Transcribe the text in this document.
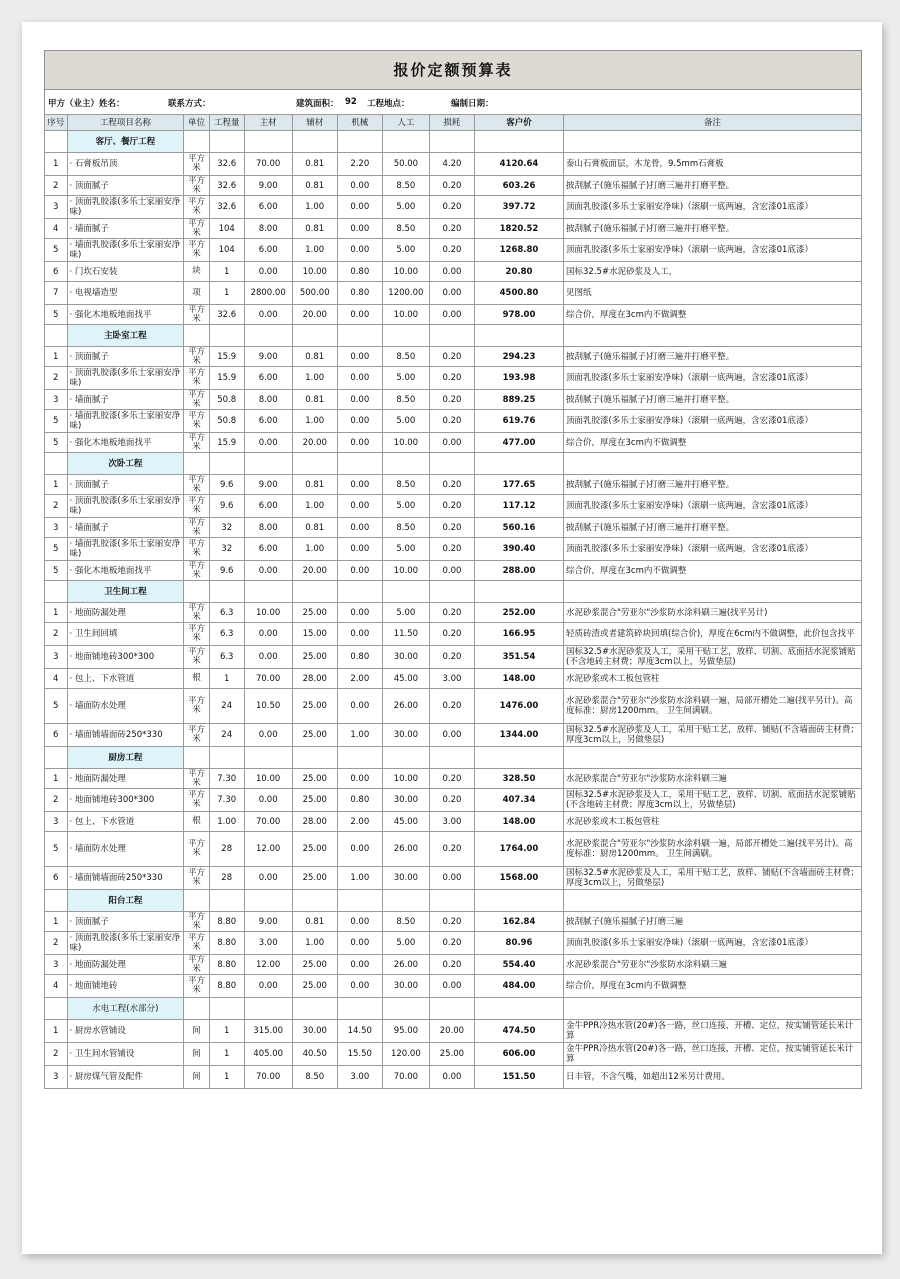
报价定额预算表
甲方（业主）姓名：	联系方式：	建筑面积： 92 工程地点：	编制日期：
序号	工程项目名称	单位	工程量	主材	辅材	机械	人工	损耗	客户价	备注
	客厅、餐厅工程									
1	· 石膏板吊顶	平方米	32.6	70.00	0.81	2.20	50.00	4.20	4120.64	泰山石膏板面层，木龙骨，9.5mm石膏板
2	· 顶面腻子	平方米	32.6	9.00	0.81	0.00	8.50	0.20	603.26	披刮腻子(施乐福腻子)打磨三遍并打磨平整。
3	· 顶面乳胶漆(多乐士家丽安净味)	平方米	32.6	6.00	1.00	0.00	5.00	0.20	397.72	顶面乳胶漆(多乐士家丽安净味)（滚刷一底两遍，含宏漆01底漆）
4	· 墙面腻子	平方米	104	8.00	0.81	0.00	8.50	0.20	1820.52	披刮腻子(施乐福腻子)打磨三遍并打磨平整。
5	· 墙面乳胶漆(多乐士家丽安净味)	平方米	104	6.00	1.00	0.00	5.00	0.20	1268.80	顶面乳胶漆(多乐士家丽安净味)（滚刷一底两遍，含宏漆01底漆）
6	· 门坎石安装	块	1	0.00	10.00	0.80	10.00	0.00	20.80	国标32.5#水泥砂浆及人工，
7	· 电视墙造型	项	1	2800.00	500.00	0.80	1200.00	0.00	4500.80	见图纸
5	· 强化木地板地面找平	平方米	32.6	0.00	20.00	0.00	10.00	0.00	978.00	综合价，厚度在3cm内不做调整
	主卧室工程									
1	· 顶面腻子	平方米	15.9	9.00	0.81	0.00	8.50	0.20	294.23	披刮腻子(施乐福腻子)打磨三遍并打磨平整。
2	· 顶面乳胶漆(多乐士家丽安净味)	平方米	15.9	6.00	1.00	0.00	5.00	0.20	193.98	顶面乳胶漆(多乐士家丽安净味)（滚刷一底两遍，含宏漆01底漆）
3	· 墙面腻子	平方米	50.8	8.00	0.81	0.00	8.50	0.20	889.25	披刮腻子(施乐福腻子)打磨三遍并打磨平整。
5	· 墙面乳胶漆(多乐士家丽安净味)	平方米	50.8	6.00	1.00	0.00	5.00	0.20	619.76	顶面乳胶漆(多乐士家丽安净味)（滚刷一底两遍，含宏漆01底漆）
5	· 强化木地板地面找平	平方米	15.9	0.00	20.00	0.00	10.00	0.00	477.00	综合价，厚度在3cm内不做调整
	次卧工程									
1	· 顶面腻子	平方米	9.6	9.00	0.81	0.00	8.50	0.20	177.65	披刮腻子(施乐福腻子)打磨三遍并打磨平整。
2	· 顶面乳胶漆(多乐士家丽安净味)	平方米	9.6	6.00	1.00	0.00	5.00	0.20	117.12	顶面乳胶漆(多乐士家丽安净味)（滚刷一底两遍，含宏漆01底漆）
3	· 墙面腻子	平方米	32	8.00	0.81	0.00	8.50	0.20	560.16	披刮腻子(施乐福腻子)打磨三遍并打磨平整。
5	· 墙面乳胶漆(多乐士家丽安净味)	平方米	32	6.00	1.00	0.00	5.00	0.20	390.40	顶面乳胶漆(多乐士家丽安净味)（滚刷一底两遍，含宏漆01底漆）
5	· 强化木地板地面找平	平方米	9.6	0.00	20.00	0.00	10.00	0.00	288.00	综合价，厚度在3cm内不做调整
	卫生间工程									
1	· 地面防漏处理	平方米	6.3	10.00	25.00	0.00	5.00	0.20	252.00	水泥砂浆混合"劳亚尔"沙浆防水涂料刷三遍(找平另计)
2	· 卫生间回填	平方米	6.3	0.00	15.00	0.00	11.50	0.20	166.95	轻质砖渣或者建筑碎块回填(综合价)，厚度在6cm内不做调整，此价包含找平
3	· 地面铺地砖300*300	平方米	6.3	0.00	25.00	0.80	30.00	0.20	351.54	国标32.5#水泥砂浆及人工，采用干贴工艺，放样、切割、底面括水泥浆铺贴(不含地砖主材费；厚度3cm以上，另做垫层)
4	· 包上、下水管道	根	1	70.00	28.00	2.00	45.00	3.00	148.00	水泥砂浆或木工板包管柱
5	· 墙面防水处理	平方米	24	10.50	25.00	0.00	26.00	0.20	1476.00	水泥砂浆混合"劳亚尔"沙浆防水涂料刷一遍，局部开槽处二遍(找平另计)。高度标准：厨房1200mm。 卫生间满刷。
6	· 墙面铺墙面砖250*330	平方米	24	0.00	25.00	1.00	30.00	0.00	1344.00	国标32.5#水泥砂浆及人工，采用干贴工艺，放样、铺贴(不含墙面砖主材费；厚度3cm以上，另做垫层)
	厨房工程									
1	· 地面防漏处理	平方米	7.30	10.00	25.00	0.00	10.00	0.20	328.50	水泥砂浆混合"劳亚尔"沙浆防水涂料刷三遍
2	· 地面铺地砖300*300	平方米	7.30	0.00	25.00	0.80	30.00	0.20	407.34	国标32.5#水泥砂浆及人工，采用干贴工艺，放样、切割、底面括水泥浆铺贴(不含地砖主材费；厚度3cm以上，另做垫层)
3	· 包上、下水管道	根	1.00	70.00	28.00	2.00	45.00	3.00	148.00	水泥砂浆或木工板包管柱
5	· 墙面防水处理	平方米	28	12.00	25.00	0.00	26.00	0.20	1764.00	水泥砂浆混合"劳亚尔"沙浆防水涂料刷一遍，局部开槽处二遍(找平另计)。高度标准：厨房1200mm。 卫生间满刷。
6	· 墙面铺墙面砖250*330	平方米	28	0.00	25.00	1.00	30.00	0.00	1568.00	国标32.5#水泥砂浆及人工，采用干贴工艺，放样、铺贴(不含墙面砖主材费；厚度3cm以上，另做垫层)
	阳台工程									
1	· 顶面腻子	平方米	8.80	9.00	0.81	0.00	8.50	0.20	162.84	披刮腻子(施乐福腻子)打磨三遍
2	· 顶面乳胶漆(多乐士家丽安净味)	平方米	8.80	3.00	1.00	0.00	5.00	0.20	80.96	顶面乳胶漆(多乐士家丽安净味)（滚刷一底两遍，含宏漆01底漆）
3	· 地面防漏处理	平方米	8.80	12.00	25.00	0.00	26.00	0.20	554.40	水泥砂浆混合"劳亚尔"沙浆防水涂料刷三遍
4	· 地面铺地砖	平方米	8.80	0.00	25.00	0.00	30.00	0.00	484.00	综合价，厚度在3cm内不做调整
	水电工程(水部分)									
1	· 厨房水管铺设	间	1	315.00	30.00	14.50	95.00	20.00	474.50	金牛PPR冷热水管(20#)各一路，丝口连接，开槽、定位，按实铺管延长米计算
2	· 卫生间水管铺设	间	1	405.00	40.50	15.50	120.00	25.00	606.00	金牛PPR冷热水管(20#)各一路，丝口连接，开槽、定位，按实铺管延长米计算
3	· 厨房煤气管及配件	间	1	70.00	8.50	3.00	70.00	0.00	151.50	日丰管，不含气嘴，如超出12米另计费用。
